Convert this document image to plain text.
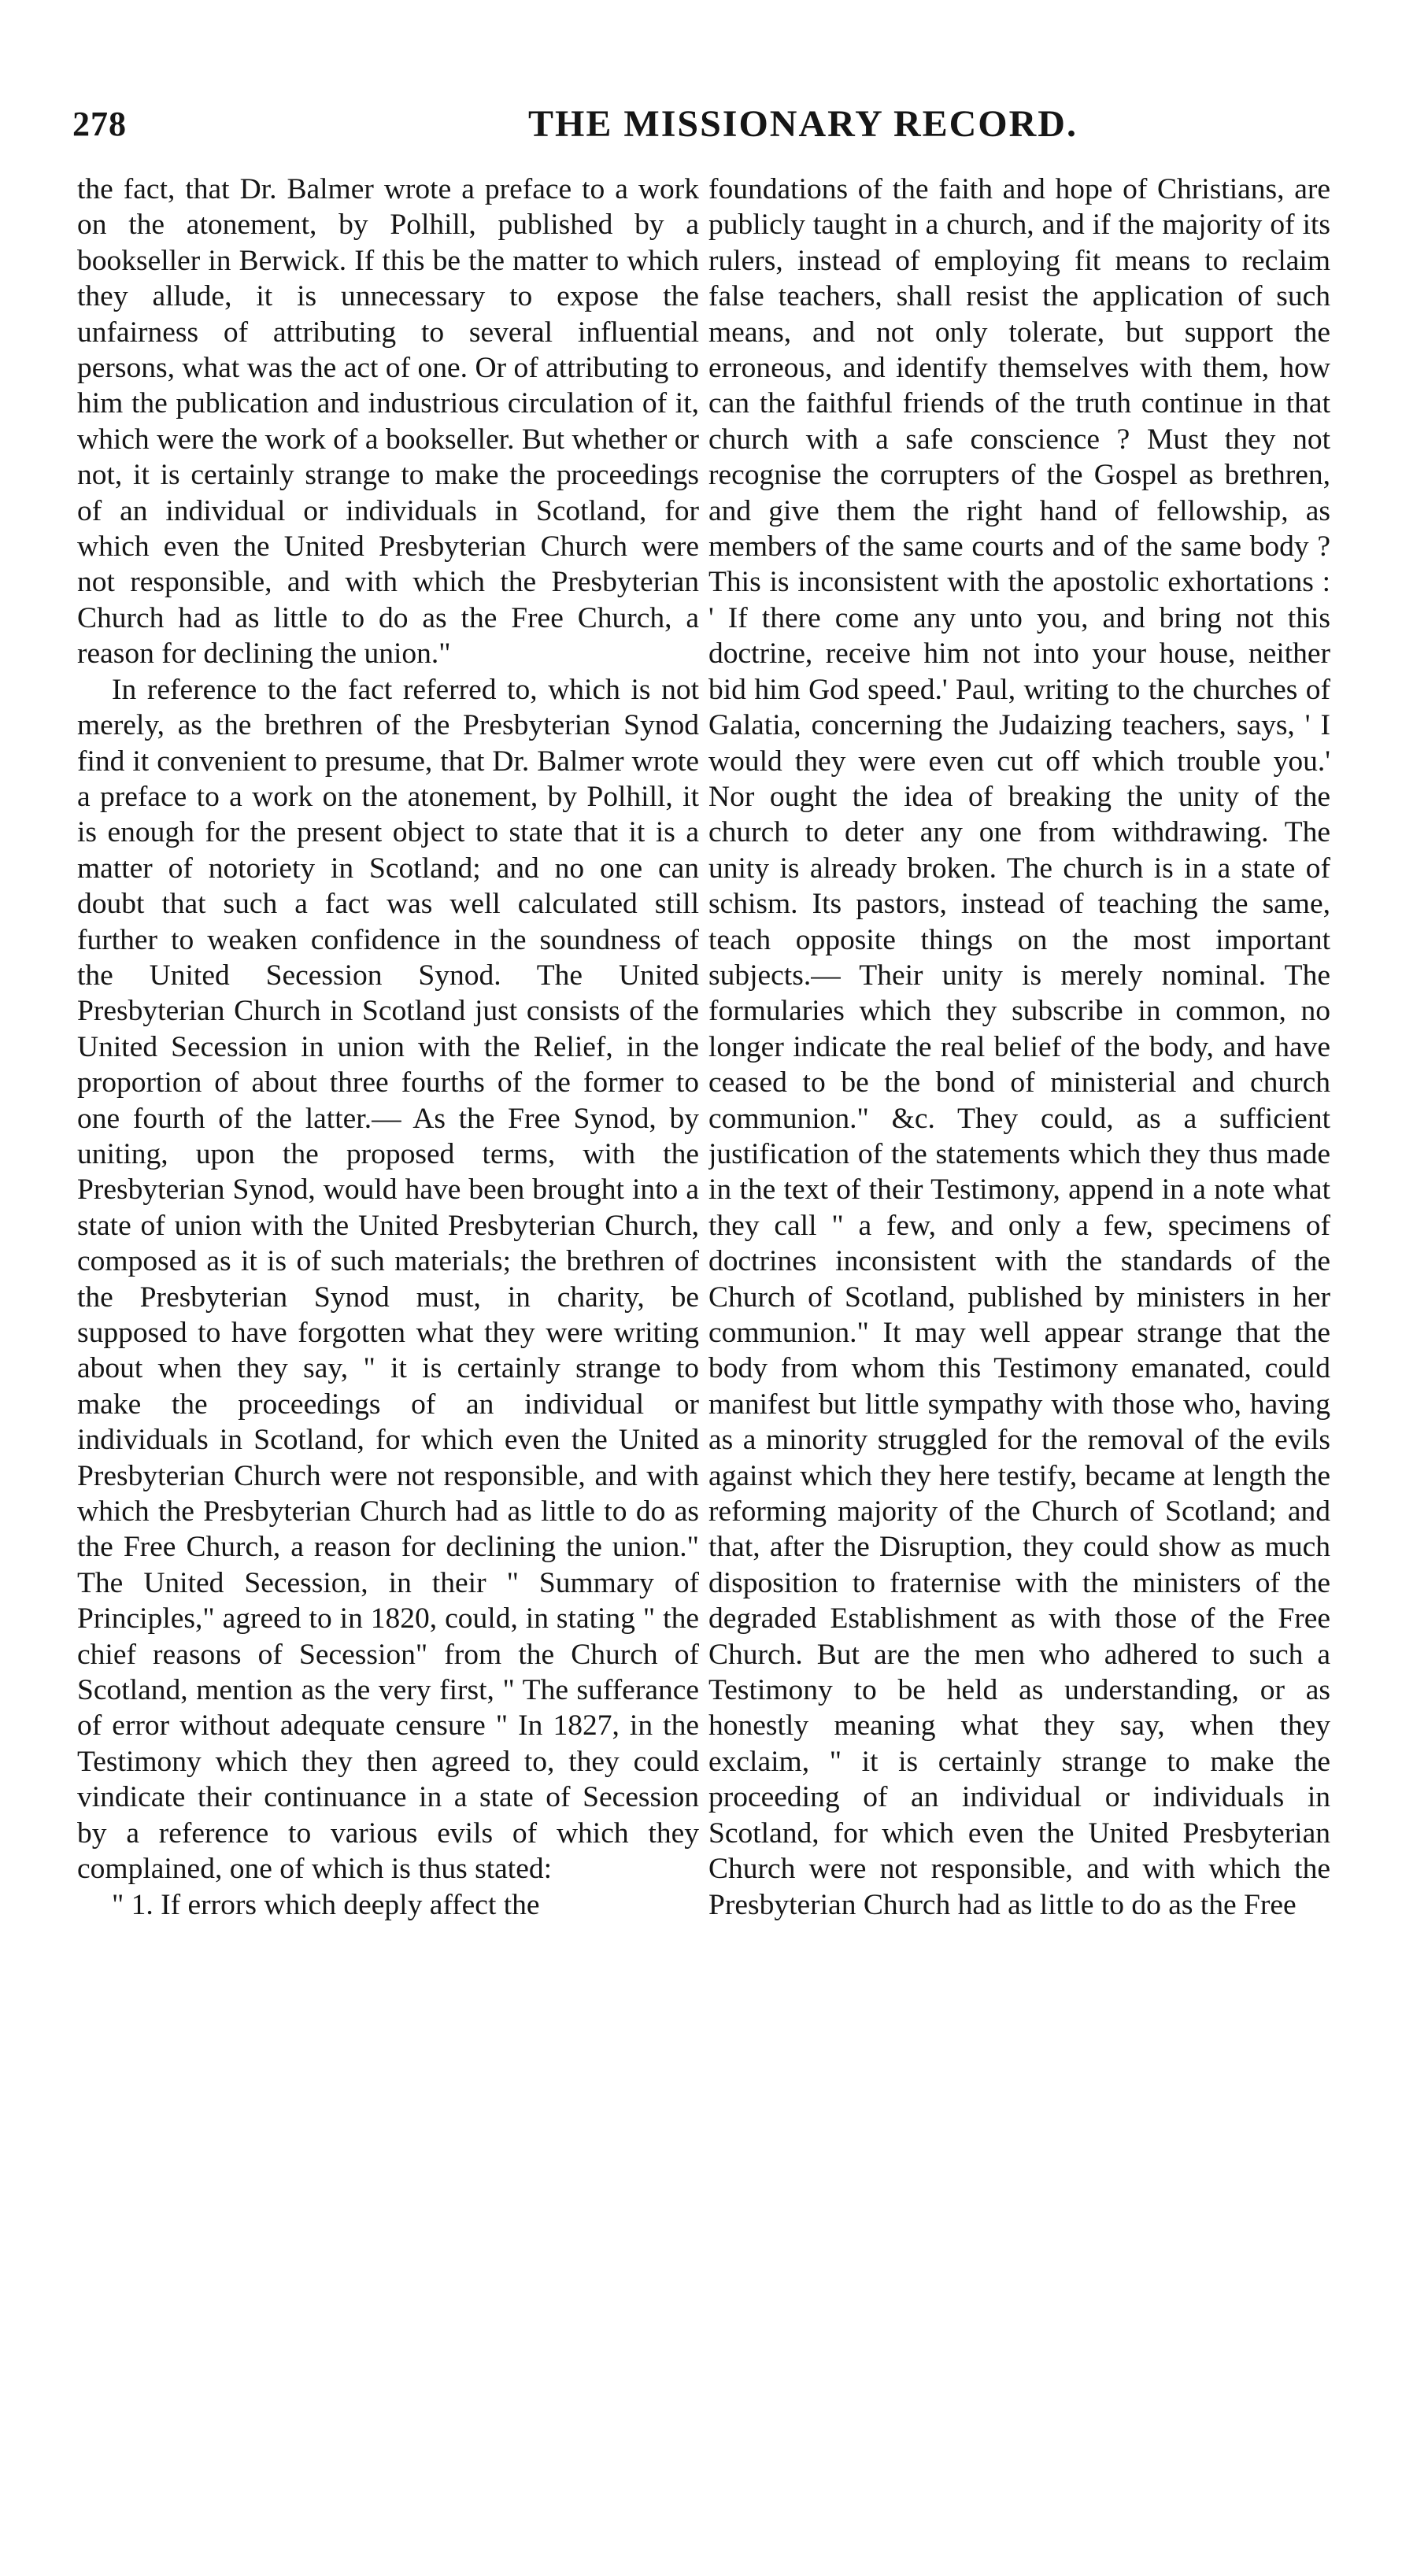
278	THE MISSIONARY RECORD.

the fact, that Dr. Balmer wrote a preface to a work on the atonement, by Polhill, published by a bookseller in Berwick. If this be the matter to which they allude, it is unnecessary to expose the unfairness of attributing to several influential persons, what was the act of one. Or of attributing to him the publication and industrious circulation of it, which were the work of a bookseller. But whether or not, it is certainly strange to make the proceedings of an individual or individuals in Scotland, for which even the United Presbyterian Church were not responsible, and with which the Presbyterian Church had as little to do as the Free Church, a reason for declining the union."

In reference to the fact referred to, which is not merely, as the brethren of the Presbyterian Synod find it convenient to presume, that Dr. Balmer wrote a preface to a work on the atonement, by Polhill, it is enough for the present object to state that it is a matter of notoriety in Scotland; and no one can doubt that such a fact was well calculated still further to weaken confidence in the soundness of the United Secession Synod. The United Presbyterian Church in Scotland just consists of the United Secession in union with the Relief, in the proportion of about three fourths of the former to one fourth of the latter.— As the Free Synod, by uniting, upon the proposed terms, with the Presbyterian Synod, would have been brought into a state of union with the United Presbyterian Church, composed as it is of such materials; the brethren of the Presbyterian Synod must, in charity, be supposed to have forgotten what they were writing about when they say, " it is certainly strange to make the proceedings of an individual or individuals in Scotland, for which even the United Presbyterian Church were not responsible, and with which the Presbyterian Church had as little to do as the Free Church, a reason for declining the union." The United Secession, in their " Summary of Principles," agreed to in 1820, could, in stating " the chief reasons of Secession" from the Church of Scotland, mention as the very first, " The sufferance of error without adequate censure " In 1827, in the Testimony which they then agreed to, they could vindicate their continuance in a state of Secession by a reference to various evils of which they complained, one of which is thus stated:

" 1. If errors which deeply affect the

foundations of the faith and hope of Christians, are publicly taught in a church, and if the majority of its rulers, instead of employing fit means to reclaim false teachers, shall resist the application of such means, and not only tolerate, but support the erroneous, and identify themselves with them, how can the faithful friends of the truth continue in that church with a safe conscience ? Must they not recognise the corrupters of the Gospel as brethren, and give them the right hand of fellowship, as members of the same courts and of the same body ? This is inconsistent with the apostolic exhortations : ' If there come any unto you, and bring not this doctrine, receive him not into your house, neither bid him God speed.' Paul, writing to the churches of Galatia, concerning the Judaizing teachers, says, ' I would they were even cut off which trouble you.' Nor ought the idea of breaking the unity of the church to deter any one from withdrawing. The unity is already broken. The church is in a state of schism. Its pastors, instead of teaching the same, teach opposite things on the most important subjects.— Their unity is merely nominal. The formularies which they subscribe in common, no longer indicate the real belief of the body, and have ceased to be the bond of ministerial and church communion." &c. They could, as a sufficient justification of the statements which they thus made in the text of their Testimony, append in a note what they call " a few, and only a few, specimens of doctrines inconsistent with the standards of the Church of Scotland, published by ministers in her communion." It may well appear strange that the body from whom this Testimony emanated, could manifest but little sympathy with those who, having as a minority struggled for the removal of the evils against which they here testify, became at length the reforming majority of the Church of Scotland; and that, after the Disruption, they could show as much disposition to fraternise with the ministers of the degraded Establishment as with those of the Free Church. But are the men who adhered to such a Testimony to be held as understanding, or as honestly meaning what they say, when they exclaim, " it is certainly strange to make the proceeding of an individual or individuals in Scotland, for which even the United Presbyterian Church were not responsible, and with which the Presbyterian Church had as little to do as the Free
